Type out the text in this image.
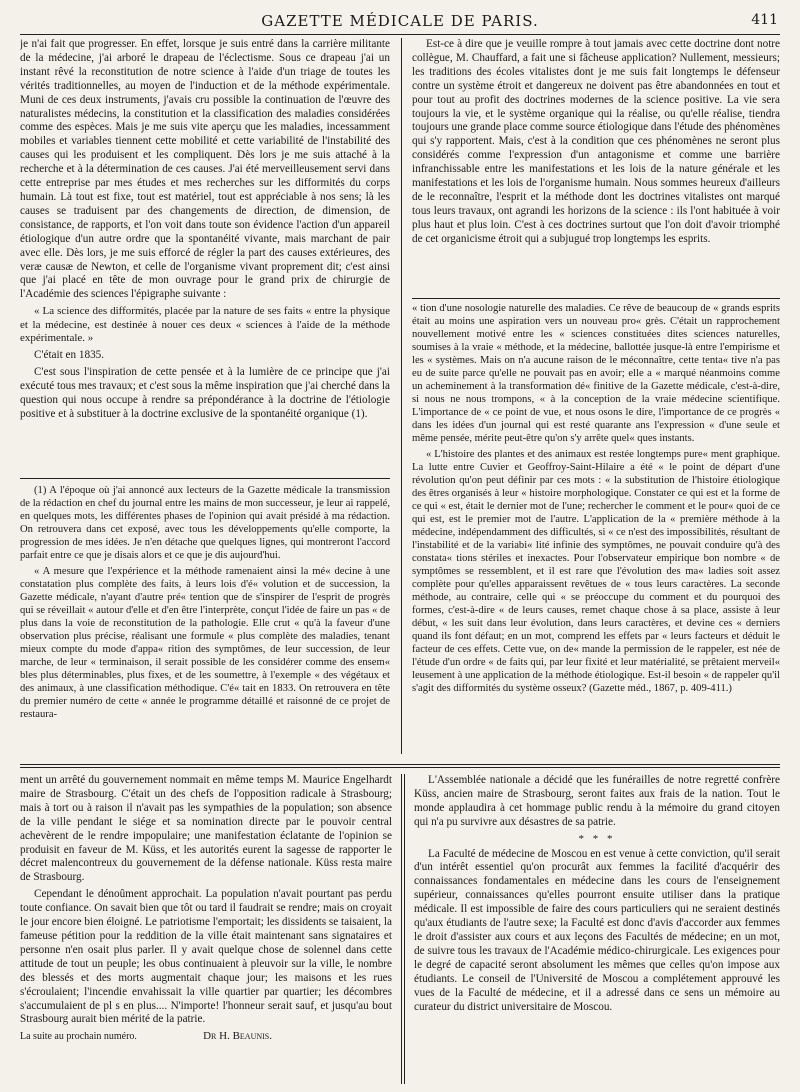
GAZETTE MÉDICALE DE PARIS.	411

je n'ai fait que progresser. En effet, lorsque je suis entré dans la carrière militante de la médecine, j'ai arboré le drapeau de l'éclectisme. Sous ce drapeau j'ai un instant rêvé la reconstitution de notre science à l'aide d'un triage de toutes les vérités traditionnelles, au moyen de l'induction et de la méthode expérimentale. Muni de ces deux instruments, j'avais cru possible la continuation de l'œuvre des naturalistes médecins, la constitution et la classification des maladies considérées comme des espèces. Mais je me suis vite aperçu que les maladies, incessamment mobiles et variables tiennent cette mobilité et cette variabilité de l'instabilité des causes qui les produisent et les compliquent. Dès lors je me suis attaché à la recherche et à la détermination de ces causes. J'ai été merveilleusement servi dans cette entreprise par mes études et mes recherches sur les difformités du corps humain. Là tout est fixe, tout est matériel, tout est appréciable à nos sens; là les causes se traduisent par des changements de direction, de dimension, de consistance, de rapports, et l'on voit dans toute son évidence l'action d'un appareil étiologique d'un autre ordre que la spontanéité vivante, mais marchant de pair avec elle. Dès lors, je me suis efforcé de régler la part des causes extérieures, des veræ causæ de Newton, et celle de l'organisme vivant proprement dit; c'est ainsi que j'ai placé en tête de mon ouvrage pour le grand prix de chirurgie de l'Académie des sciences l'épigraphe suivante :

« La science des difformités, placée par la nature de ses faits « entre la physique et la médecine, est destinée à nouer ces deux « sciences à l'aide de la méthode expérimentale. »

C'était en 1835.

C'est sous l'inspiration de cette pensée et à la lumière de ce principe que j'ai exécuté tous mes travaux; et c'est sous la même inspiration que j'ai cherché dans la question qui nous occupe à rendre sa prépondérance à la doctrine de l'étiologie positive et à substituer à la doctrine exclusive de la spontanéité organique (1).

(1) A l'époque où j'ai annoncé aux lecteurs de la Gazette médicale la transmission de la rédaction en chef du journal entre les mains de mon successeur, je leur ai rappelé, en quelques mots, les différentes phases de l'opinion qui avait présidé à ma rédaction. On retrouvera dans cet exposé, avec tous les développements qu'elle comporte, la progression de mes idées. Je n'en détache que quelques lignes, qui montreront l'accord parfait entre ce que je disais alors et ce que je dis aujourd'hui.

« A mesure que l'expérience et la méthode ramenaient ainsi la mé« decine à une constatation plus complète des faits, à leurs lois d'é« volution et de succession, la Gazette médicale, n'ayant d'autre pré« tention que de s'inspirer de l'esprit de progrès qui se réveillait « autour d'elle et d'en être l'interprète, conçut l'idée de faire un pas « de plus dans la voie de reconstitution de la pathologie. Elle crut « qu'à la faveur d'une observation plus précise, réalisant une formule « plus complète des maladies, tenant mieux compte du mode d'appa« rition des symptômes, de leur succession, de leur marche, de leur « terminaison, il serait possible de les considérer comme des ensem« bles plus déterminables, plus fixes, et de les soumettre, à l'exemple « des végétaux et des animaux, à une classification méthodique. C'é« tait en 1833. On retrouvera en tête du premier numéro de cette « année le programme détaillé et raisonné de ce projet de restaura-

Est-ce à dire que je veuille rompre à tout jamais avec cette doctrine dont notre collègue, M. Chauffard, a fait une si fâcheuse application? Nullement, messieurs; les traditions des écoles vitalistes dont je me suis fait longtemps le défenseur contre un système étroit et dangereux ne doivent pas être abandonnées en tout et pour tout au profit des doctrines modernes de la science positive. La vie sera toujours la vie, et le système organique qui la réalise, ou qu'elle réalise, tiendra toujours une grande place comme source étiologique dans l'étude des phénomènes qui s'y rapportent. Mais, c'est à la condition que ces phénomènes ne seront plus considérés comme l'expression d'un antagonisme et comme une barrière infranchissable entre les manifestations et les lois de la nature générale et les manifestations et les lois de l'organisme humain. Nous sommes heureux d'ailleurs de le reconnaître, l'esprit et la méthode dont les doctrines vitalistes ont marqué tous leurs travaux, ont agrandi les horizons de la science : ils l'ont habituée à voir plus haut et plus loin. C'est à ces doctrines surtout que l'on doit d'avoir triomphé de cet organicisme étroit qui a subjugué trop longtemps les esprits.

« tion d'une nosologie naturelle des maladies. Ce rêve de beaucoup de « grands esprits était au moins une aspiration vers un nouveau pro« grès. C'était un rapprochement nouvellement motivé entre les « sciences constituées dites sciences naturelles, soumises à la vraie « méthode, et la médecine, ballottée jusque-là entre l'empirisme et les « systèmes. Mais on n'a aucune raison de le méconnaître, cette tenta« tive n'a pas eu de suite parce qu'elle ne pouvait pas en avoir; elle a « marqué néanmoins comme un acheminement à la transformation dé« finitive de la Gazette médicale, c'est-à-dire, si nous ne nous trompons, « à la conception de la vraie médecine scientifique. L'importance de « ce point de vue, et nous osons le dire, l'importance de ce progrès « dans les idées d'un journal qui est resté quarante ans l'expression « d'une seule et même pensée, mérite peut-être qu'on s'y arrête quel« ques instants.

« L'histoire des plantes et des animaux est restée longtemps pure« ment graphique. La lutte entre Cuvier et Geoffroy-Saint-Hilaire a été « le point de départ d'une révolution qu'on peut définir par ces mots : « la substitution de l'histoire étiologique des êtres organisés à leur « histoire morphologique. Constater ce qui est et la forme de ce qui « est, était le dernier mot de l'une; rechercher le comment et le pour« quoi de ce qui est, est le premier mot de l'autre. L'application de la « première méthode à la médecine, indépendamment des difficultés, si « ce n'est des impossibilités, résultant de l'instabilité et de la variabi« lité infinie des symptômes, ne pouvait conduire qu'à des constata« tions stériles et inexactes. Pour l'observateur empirique bon nombre « de symptômes se ressemblent, et il est rare que l'évolution des ma« ladies soit assez complète pour qu'elles apparaissent revêtues de « tous leurs caractères. La seconde méthode, au contraire, celle qui « se préoccupe du comment et du pourquoi des formes, c'est-à-dire « de leurs causes, remet chaque chose à sa place, assiste à leur début, « les suit dans leur évolution, dans leurs caractères, et devine ces « derniers quand ils font défaut; en un mot, comprend les effets par « leurs facteurs et déduit le facteur de ces effets. Cette vue, on de« mande la permission de le rappeler, est née de l'étude d'un ordre « de faits qui, par leur fixité et leur matérialité, se prêtaient merveil« leusement à une application de la méthode étiologique. Est-il besoin « de rappeler qu'il s'agit des difformités du système osseux? (Gazette méd., 1867, p. 409-411.)

ment un arrêté du gouvernement nommait en même temps M. Maurice Engelhardt maire de Strasbourg. C'était un des chefs de l'opposition radicale à Strasbourg; mais à tort ou à raison il n'avait pas les sympathies de la population; son absence de la ville pendant le siége et sa nomination directe par le pouvoir central achevèrent de le rendre impopulaire; une manifestation éclatante de l'opinion se produisit en faveur de M. Küss, et les autorités eurent la sagesse de rapporter le décret malencontreux du gouvernement de la défense nationale. Küss resta maire de Strasbourg.

Cependant le dénoûment approchait. La population n'avait pourtant pas perdu toute confiance. On savait bien que tôt ou tard il faudrait se rendre; mais on croyait le jour encore bien éloigné. Le patriotisme l'emportait; les dissidents se taisaient, la fameuse pétition pour la reddition de la ville était maintenant sans signataires et personne n'en osait plus parler. Il y avait quelque chose de solennel dans cette attitude de tout un peuple; les obus continuaient à pleuvoir sur la ville, le nombre des blessés et des morts augmentait chaque jour; les maisons et les rues s'écroulaient; l'incendie envahissait la ville quartier par quartier; les décombres s'accumulaient de pl s en plus.... N'importe! l'honneur serait sauf, et jusqu'au bout Strasbourg aurait bien mérité de la patrie.

La suite au prochain numéro.	Dr H. Beaunis.

L'Assemblée nationale a décidé que les funérailles de notre regretté confrère Küss, ancien maire de Strasbourg, seront faites aux frais de la nation. Tout le monde applaudira à cet hommage public rendu à la mémoire du grand citoyen qui n'a pu survivre aux désastres de sa patrie.

* * *

La Faculté de médecine de Moscou en est venue à cette conviction, qu'il serait d'un intérêt essentiel qu'on procurât aux femmes la facilité d'acquérir des connaissances fondamentales en médecine dans les cours de l'enseignement supérieur, connaissances qu'elles pourront ensuite utiliser dans la pratique médicale. Il est impossible de faire des cours particuliers qui ne seraient destinés qu'aux étudiants de l'autre sexe; la Faculté est donc d'avis d'accorder aux femmes le droit d'assister aux cours et aux leçons des Facultés de médecine; en un mot, de suivre tous les travaux de l'Académie médico-chirurgicale. Les exigences pour le degré de capacité seront absolument les mêmes que celles qu'on impose aux étudiants. Le conseil de l'Université de Moscou a complétement approuvé les vues de la Faculté de médecine, et il a adressé dans ce sens un mémoire au curateur du district universitaire de Moscou.
